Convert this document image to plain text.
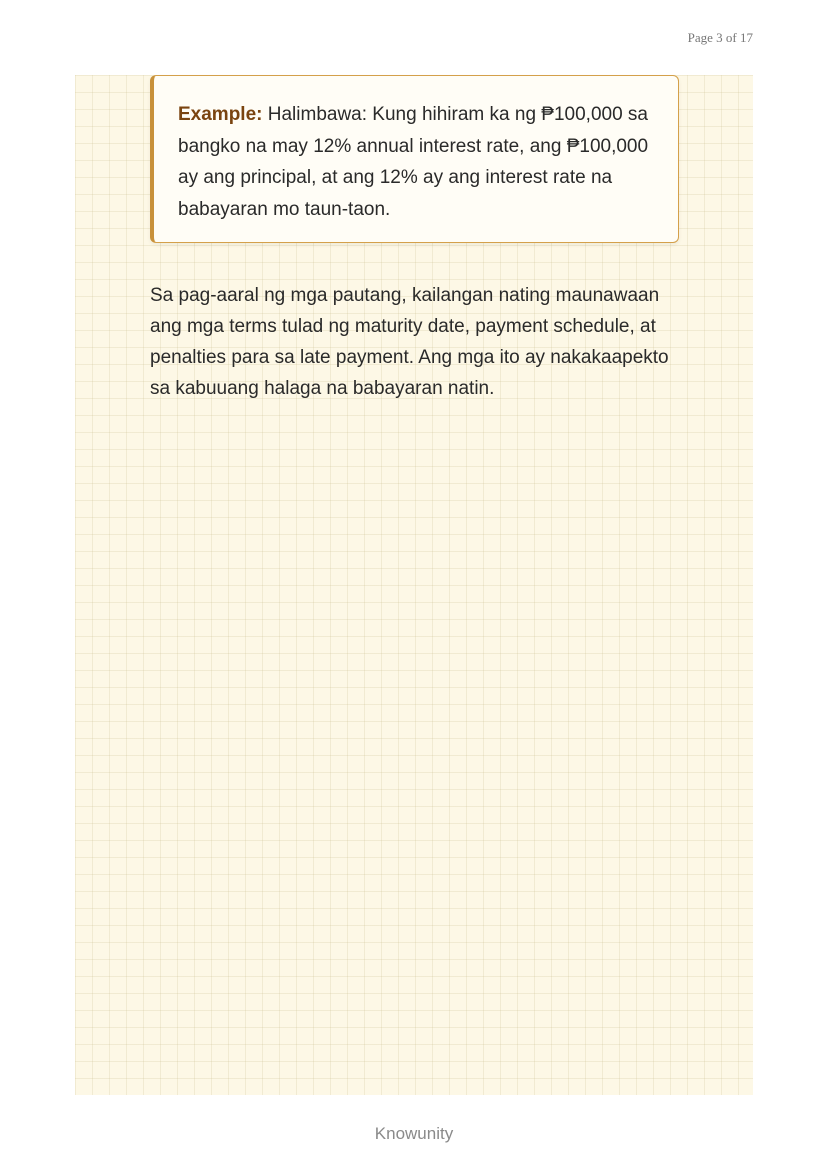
Page 3 of 17

Example: Halimbawa: Kung hihiram ka ng ₱100,000 sa bangko na may 12% annual interest rate, ang ₱100,000 ay ang principal, at ang 12% ay ang interest rate na babayaran mo taun-taon.

Sa pag-aaral ng mga pautang, kailangan nating maunawaan ang mga terms tulad ng maturity date, payment schedule, at penalties para sa late payment. Ang mga ito ay nakakaapekto sa kabuuang halaga na babayaran natin.

Knowunity
